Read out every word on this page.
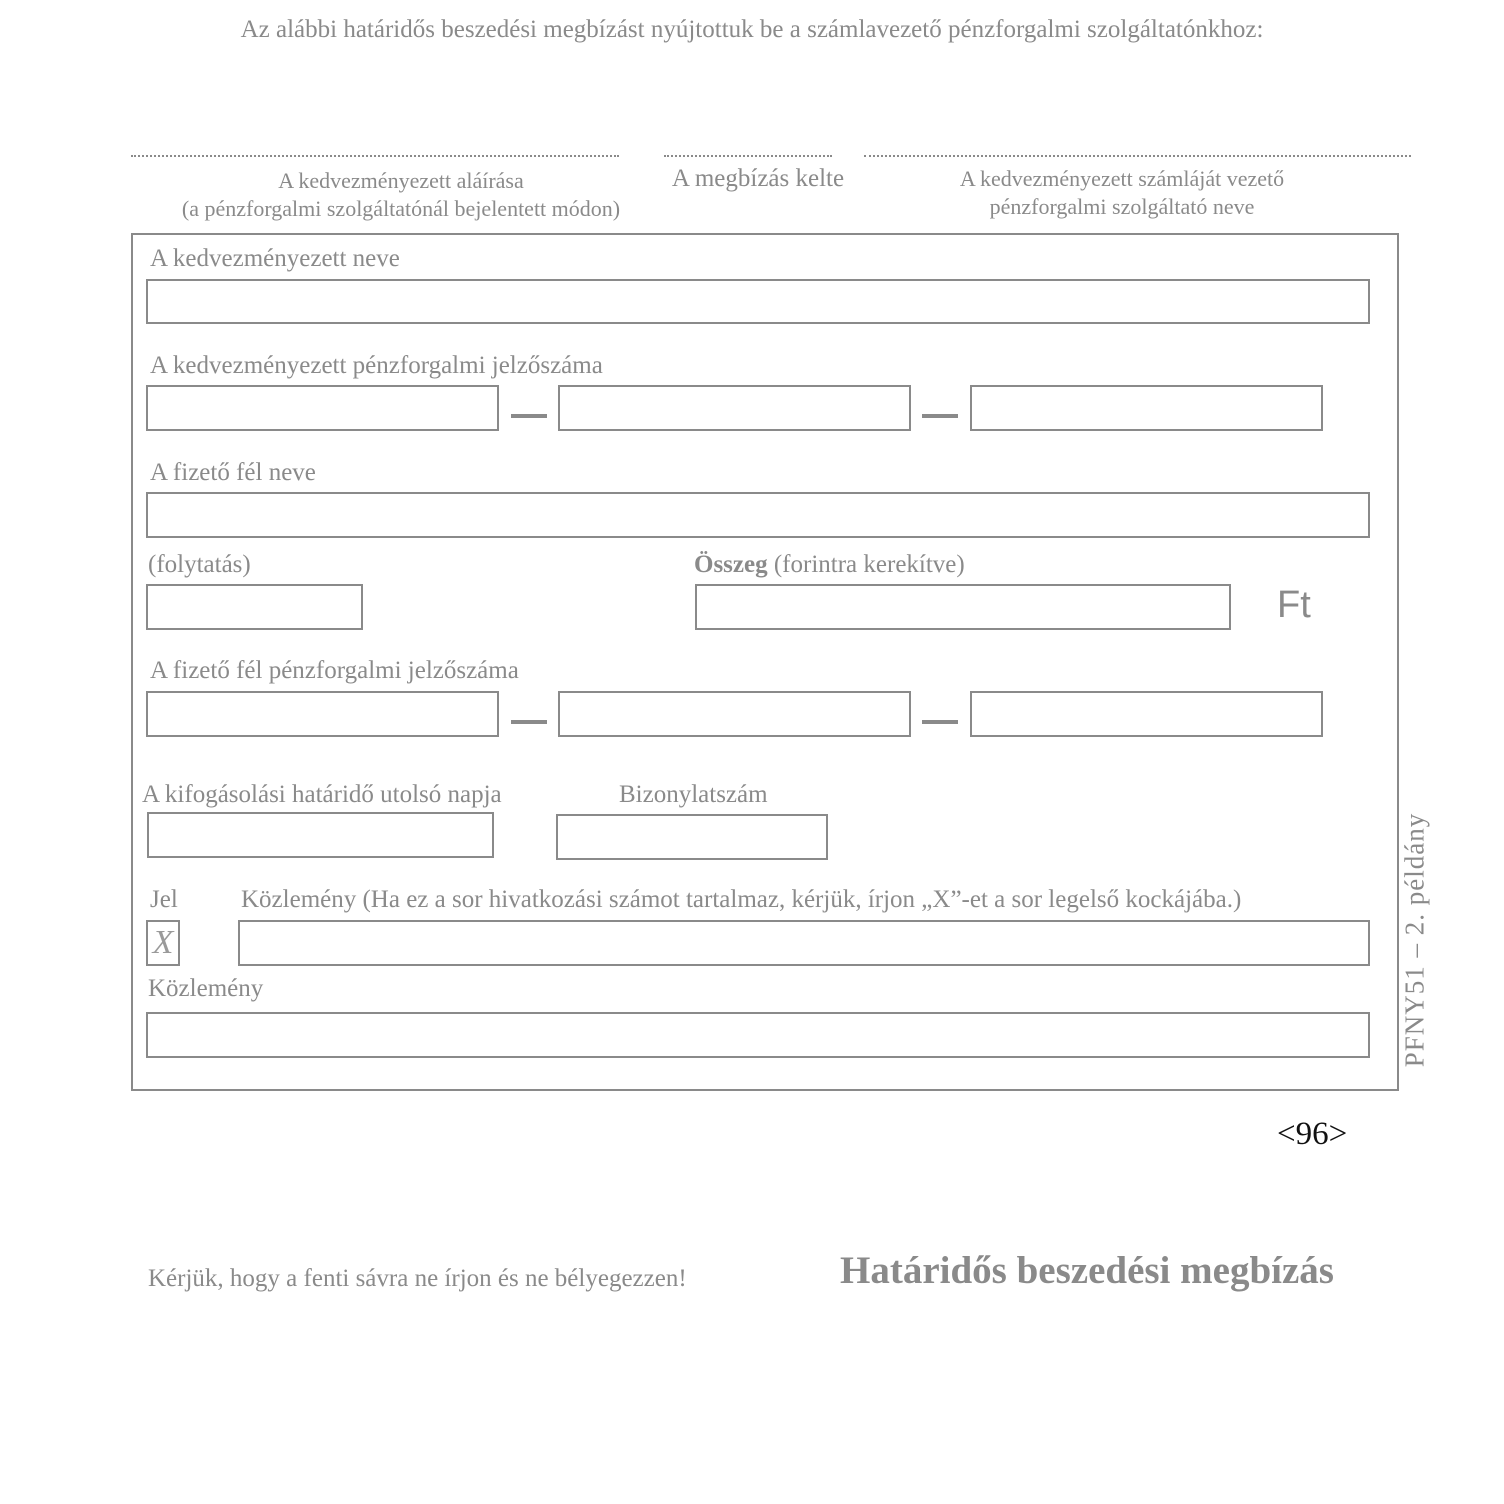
Az alábbi határidős beszedési megbízást nyújtottuk be a számlavezető pénzforgalmi szolgáltatónkhoz:
A kedvezményezett aláírása
(a pénzforgalmi szolgáltatónál bejelentett módon)
A megbízás kelte	A kedvezményezett számláját vezető
pénzforgalmi szolgáltató neve
A kedvezményezett neve
A kedvezményezett pénzforgalmi jelzőszáma
A fizető fél neve
(folytatás)	Összeg (forintra kerekítve)
Ft
A fizető fél pénzforgalmi jelzőszáma
A kifogásolási határidő utolsó napja	Bizonylatszám
Jel	Közlemény (Ha ez a sor hivatkozási számot tartalmaz, kérjük, írjon „X”-et a sor legelső kockájába.)
X
Közlemény	PFNY51 – 2. példány
<96>
Kérjük, hogy a fenti sávra ne írjon és ne bélyegezzen!	Határidős beszedési megbízás
